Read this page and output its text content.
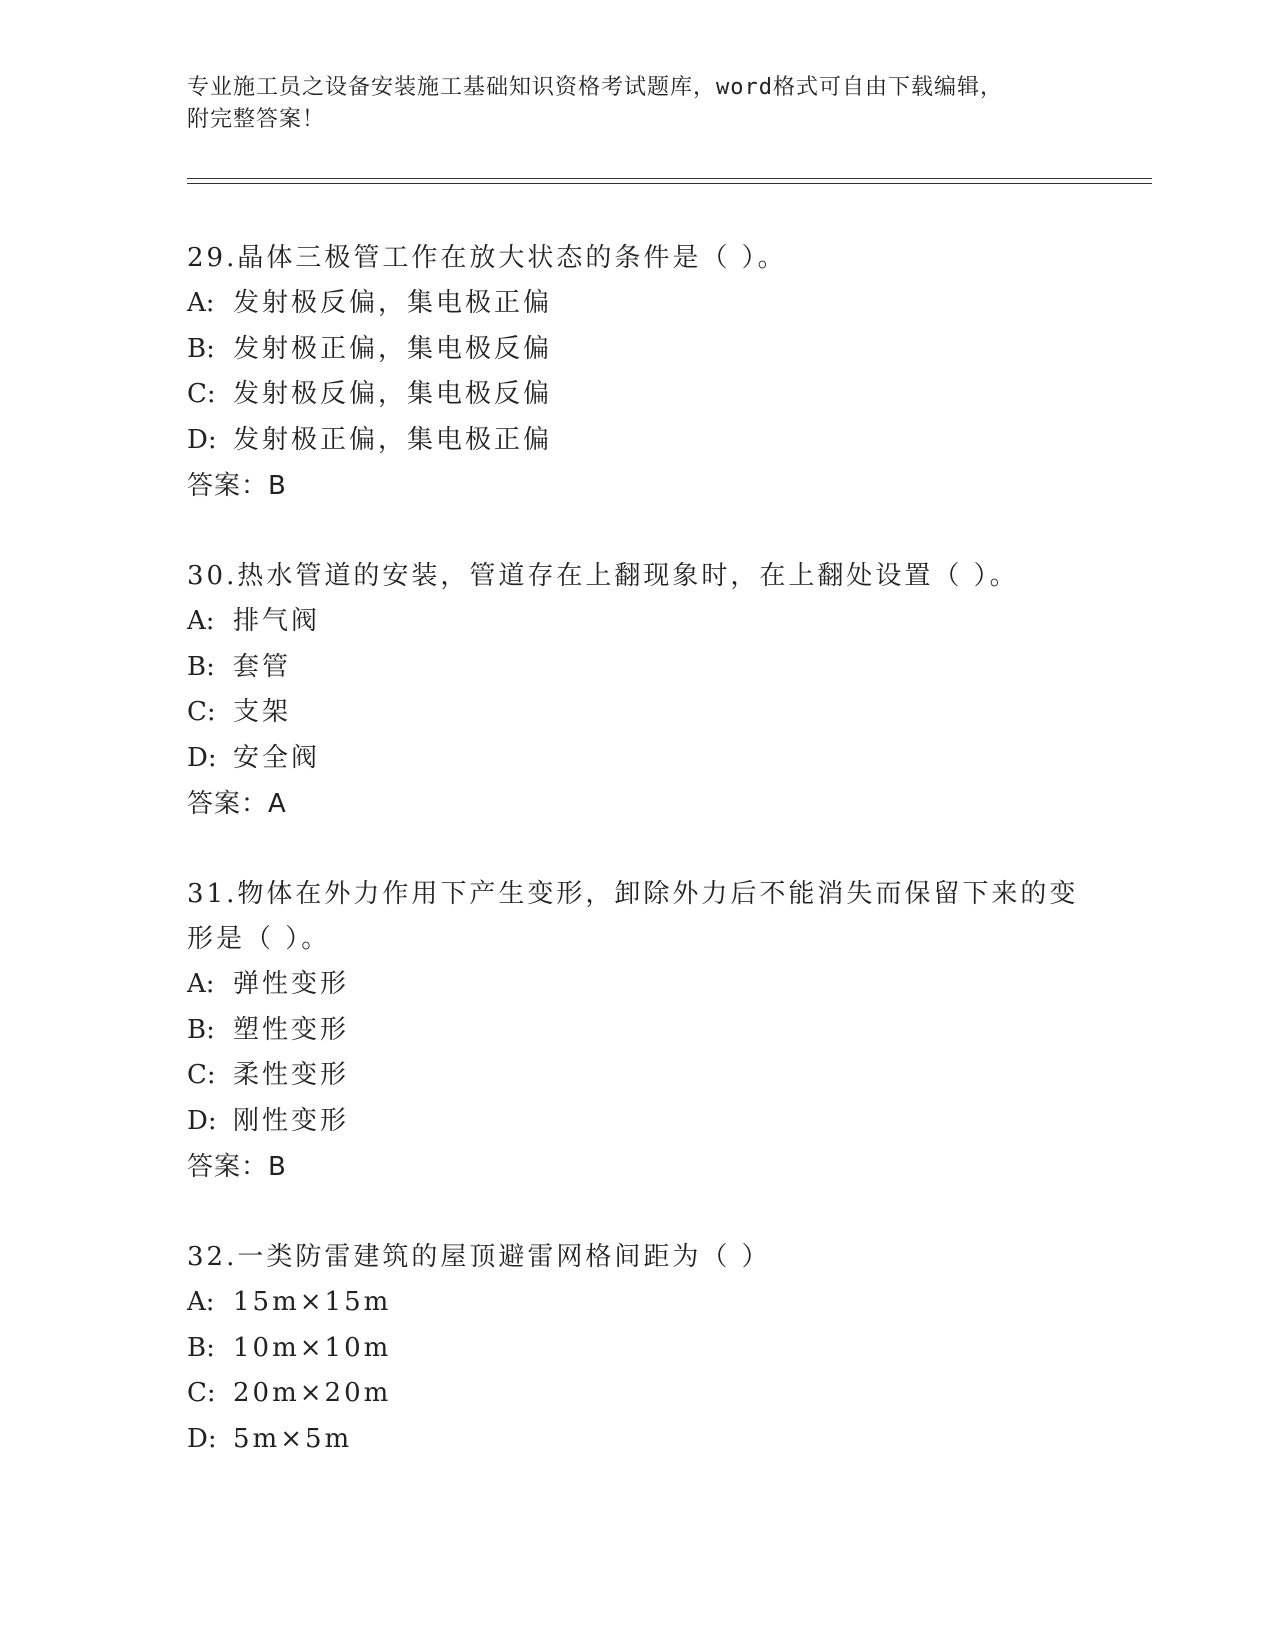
专业施工员之设备安装施工基础知识资格考试题库，word格式可自由下载编辑，
附完整答案！

29.晶体三极管工作在放大状态的条件是（ ）。

A: 发射极反偏，集电极正偏

B: 发射极正偏，集电极反偏

C: 发射极反偏，集电极反偏

D: 发射极正偏，集电极正偏

答案：B

30.热水管道的安装，管道存在上翻现象时，在上翻处设置（ ）。

A: 排气阀

B: 套管

C: 支架

D: 安全阀

答案：A

31.物体在外力作用下产生变形，卸除外力后不能消失而保留下来的变形是（ ）。

A: 弹性变形

B: 塑性变形

C: 柔性变形

D: 刚性变形

答案：B

32.一类防雷建筑的屋顶避雷网格间距为（ ）

A: 15m×15m

B: 10m×10m

C: 20m×20m

D: 5m×5m
